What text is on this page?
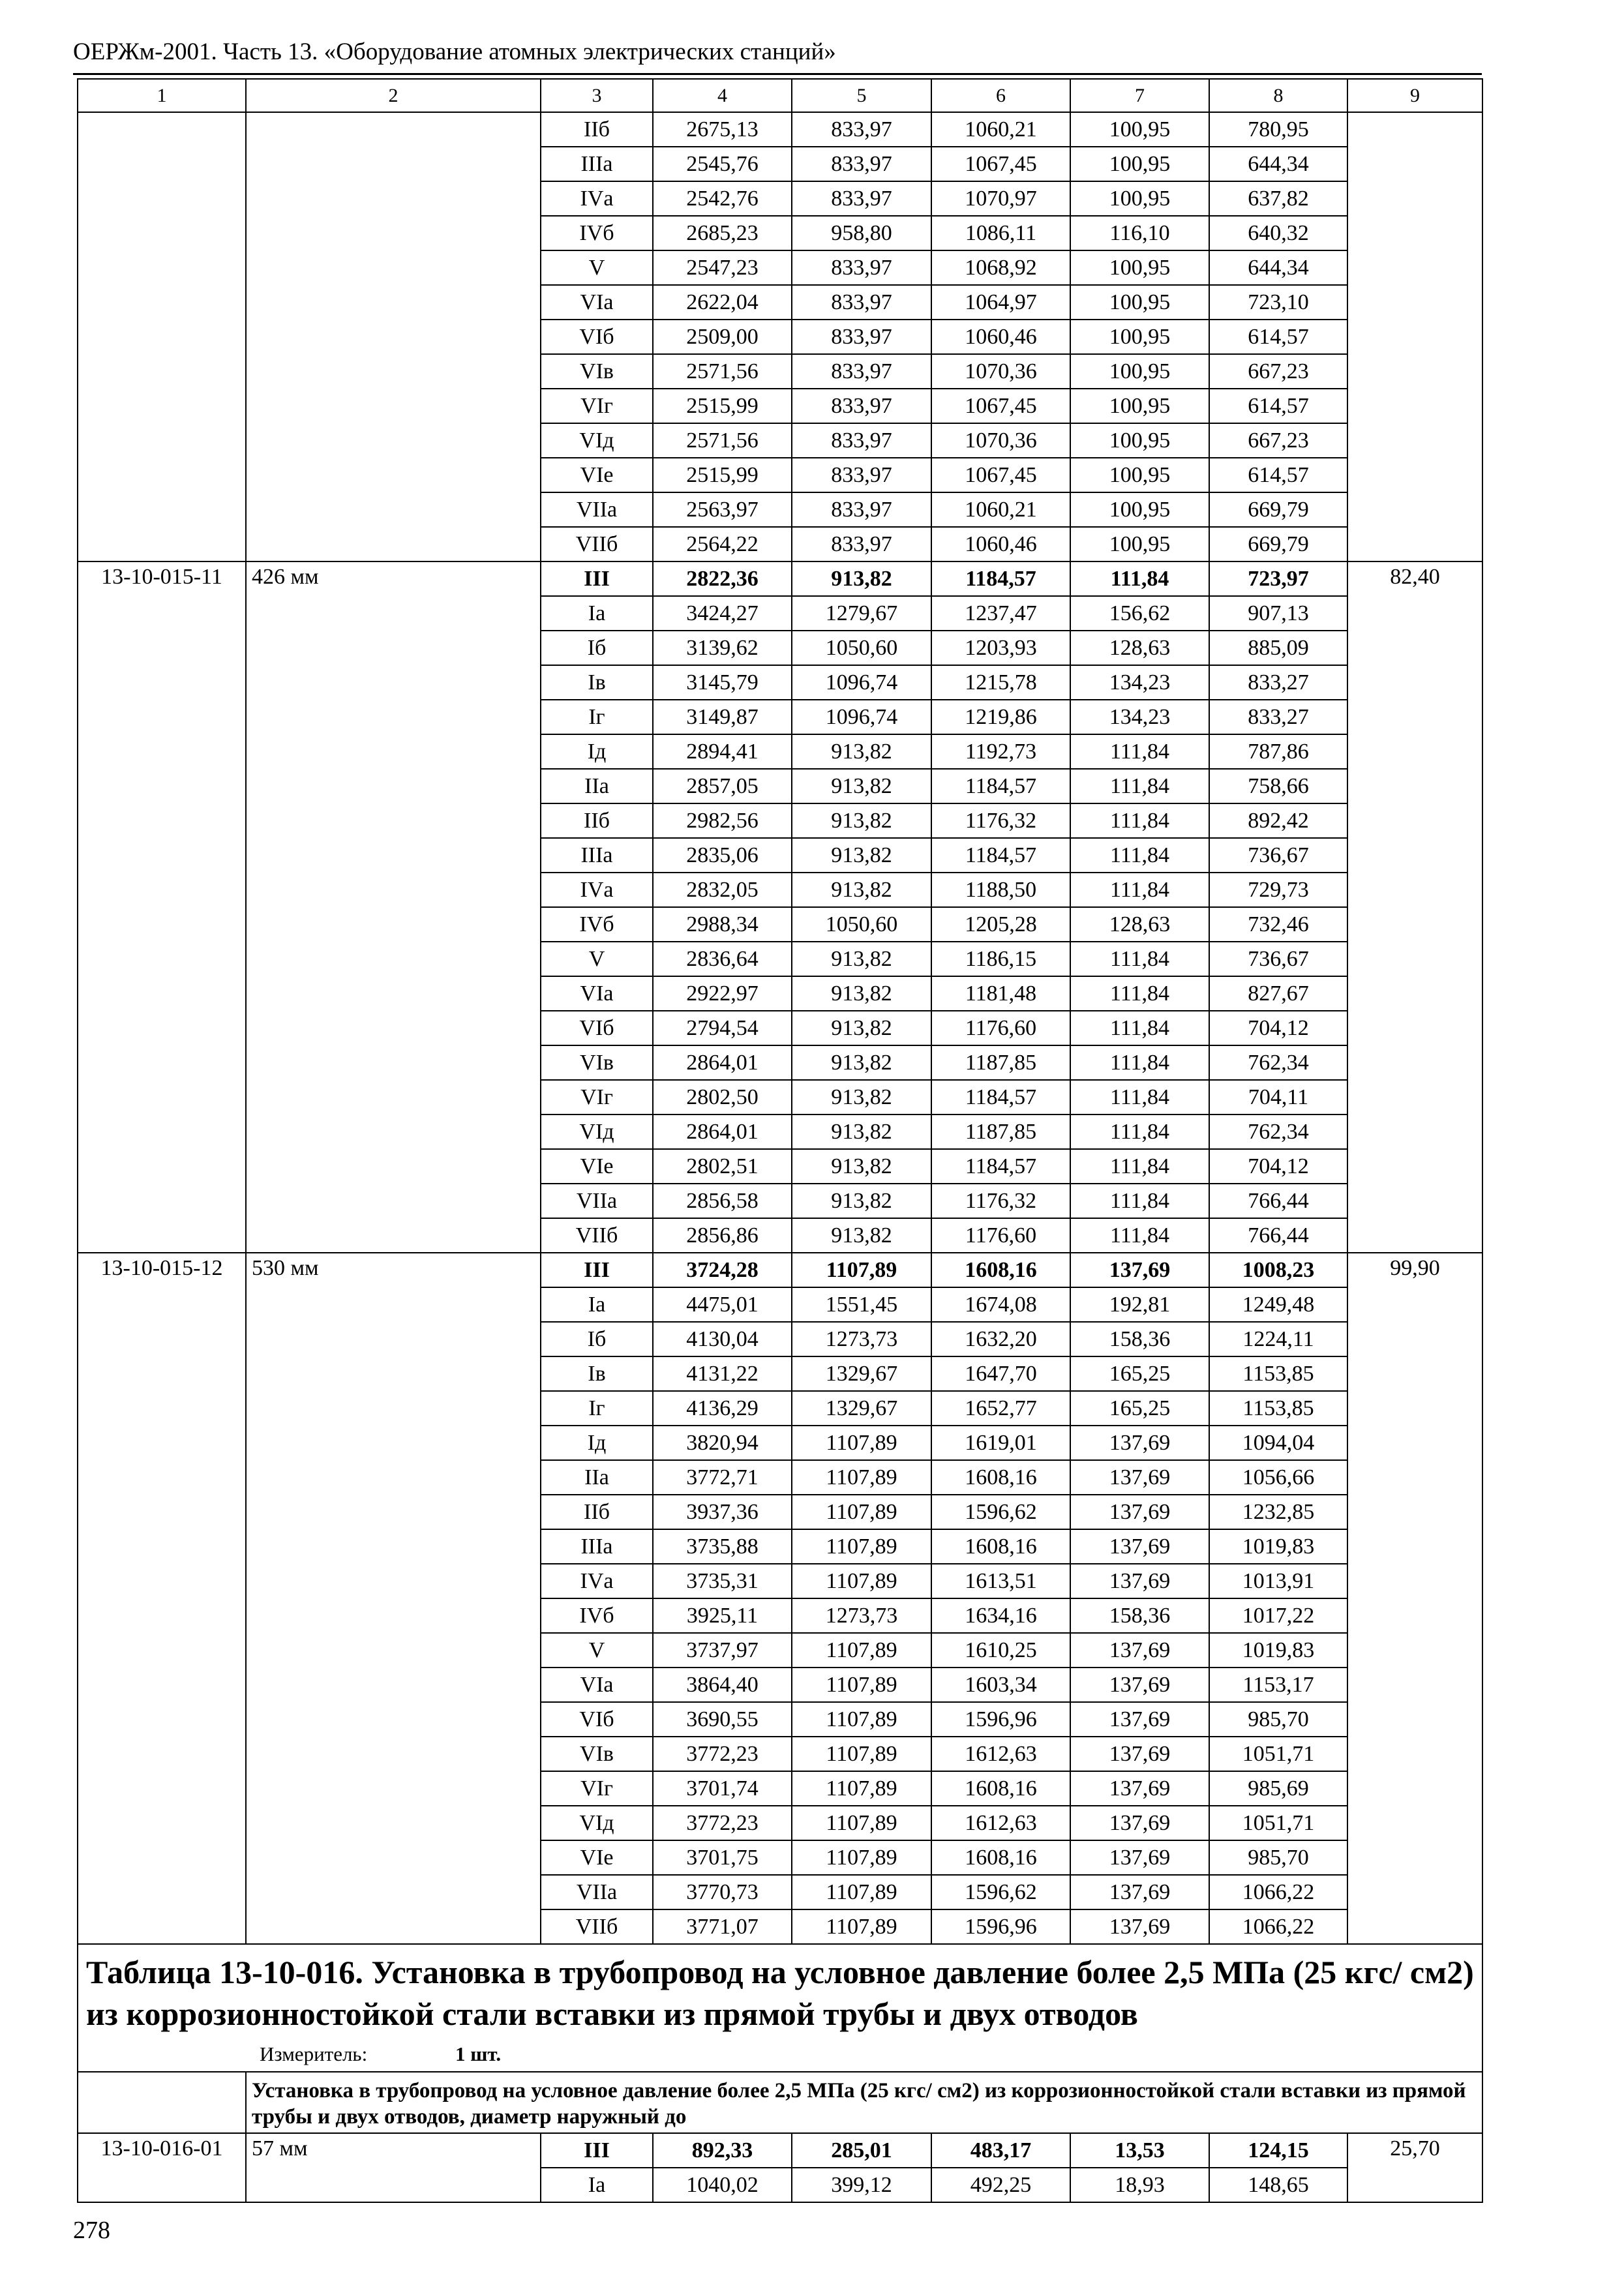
ОЕРЖм-2001. Часть 13. «Оборудование атомных электрических станций»
1	2	3	4	5	6	7	8	9
		IIб	2675,13	833,97	1060,21	100,95	780,95	
		IIIа	2545,76	833,97	1067,45	100,95	644,34	
		IVа	2542,76	833,97	1070,97	100,95	637,82	
		IVб	2685,23	958,80	1086,11	116,10	640,32	
		V	2547,23	833,97	1068,92	100,95	644,34	
		VIа	2622,04	833,97	1064,97	100,95	723,10	
		VIб	2509,00	833,97	1060,46	100,95	614,57	
		VIв	2571,56	833,97	1070,36	100,95	667,23	
		VIг	2515,99	833,97	1067,45	100,95	614,57	
		VIд	2571,56	833,97	1070,36	100,95	667,23	
		VIе	2515,99	833,97	1067,45	100,95	614,57	
		VIIа	2563,97	833,97	1060,21	100,95	669,79	
		VIIб	2564,22	833,97	1060,46	100,95	669,79	
13-10-015-11	426 мм	III	2822,36	913,82	1184,57	111,84	723,97	82,40
		Iа	3424,27	1279,67	1237,47	156,62	907,13	
		Iб	3139,62	1050,60	1203,93	128,63	885,09	
		Iв	3145,79	1096,74	1215,78	134,23	833,27	
		Iг	3149,87	1096,74	1219,86	134,23	833,27	
		Iд	2894,41	913,82	1192,73	111,84	787,86	
		IIа	2857,05	913,82	1184,57	111,84	758,66	
		IIб	2982,56	913,82	1176,32	111,84	892,42	
		IIIа	2835,06	913,82	1184,57	111,84	736,67	
		IVа	2832,05	913,82	1188,50	111,84	729,73	
		IVб	2988,34	1050,60	1205,28	128,63	732,46	
		V	2836,64	913,82	1186,15	111,84	736,67	
		VIа	2922,97	913,82	1181,48	111,84	827,67	
		VIб	2794,54	913,82	1176,60	111,84	704,12	
		VIв	2864,01	913,82	1187,85	111,84	762,34	
		VIг	2802,50	913,82	1184,57	111,84	704,11	
		VIд	2864,01	913,82	1187,85	111,84	762,34	
		VIе	2802,51	913,82	1184,57	111,84	704,12	
		VIIа	2856,58	913,82	1176,32	111,84	766,44	
		VIIб	2856,86	913,82	1176,60	111,84	766,44	
13-10-015-12	530 мм	III	3724,28	1107,89	1608,16	137,69	1008,23	99,90
		Iа	4475,01	1551,45	1674,08	192,81	1249,48	
		Iб	4130,04	1273,73	1632,20	158,36	1224,11	
		Iв	4131,22	1329,67	1647,70	165,25	1153,85	
		Iг	4136,29	1329,67	1652,77	165,25	1153,85	
		Iд	3820,94	1107,89	1619,01	137,69	1094,04	
		IIа	3772,71	1107,89	1608,16	137,69	1056,66	
		IIб	3937,36	1107,89	1596,62	137,69	1232,85	
		IIIа	3735,88	1107,89	1608,16	137,69	1019,83	
		IVа	3735,31	1107,89	1613,51	137,69	1013,91	
		IVб	3925,11	1273,73	1634,16	158,36	1017,22	
		V	3737,97	1107,89	1610,25	137,69	1019,83	
		VIа	3864,40	1107,89	1603,34	137,69	1153,17	
		VIб	3690,55	1107,89	1596,96	137,69	985,70	
		VIв	3772,23	1107,89	1612,63	137,69	1051,71	
		VIг	3701,74	1107,89	1608,16	137,69	985,69	
		VIд	3772,23	1107,89	1612,63	137,69	1051,71	
		VIе	3701,75	1107,89	1608,16	137,69	985,70	
		VIIа	3770,73	1107,89	1596,62	137,69	1066,22	
		VIIб	3771,07	1107,89	1596,96	137,69	1066,22	

Таблица 13-10-016. Установка в трубопровод на условное давление более 2,5 МПа (25 кгс/ см2) из коррозионностойкой стали вставки из прямой трубы и двух отводов
Измеритель: 1 шт.								

	Установка в трубопровод на условное давление более 2,5 МПа (25 кгс/ см2) из коррозионностойкой стали вставки из прямой трубы и двух отводов, диаметр наружный до							
13-10-016-01	57 мм	III	892,33	285,01	483,17	13,53	124,15	25,70
		Iа	1040,02	399,12	492,25	18,93	148,65	
278
